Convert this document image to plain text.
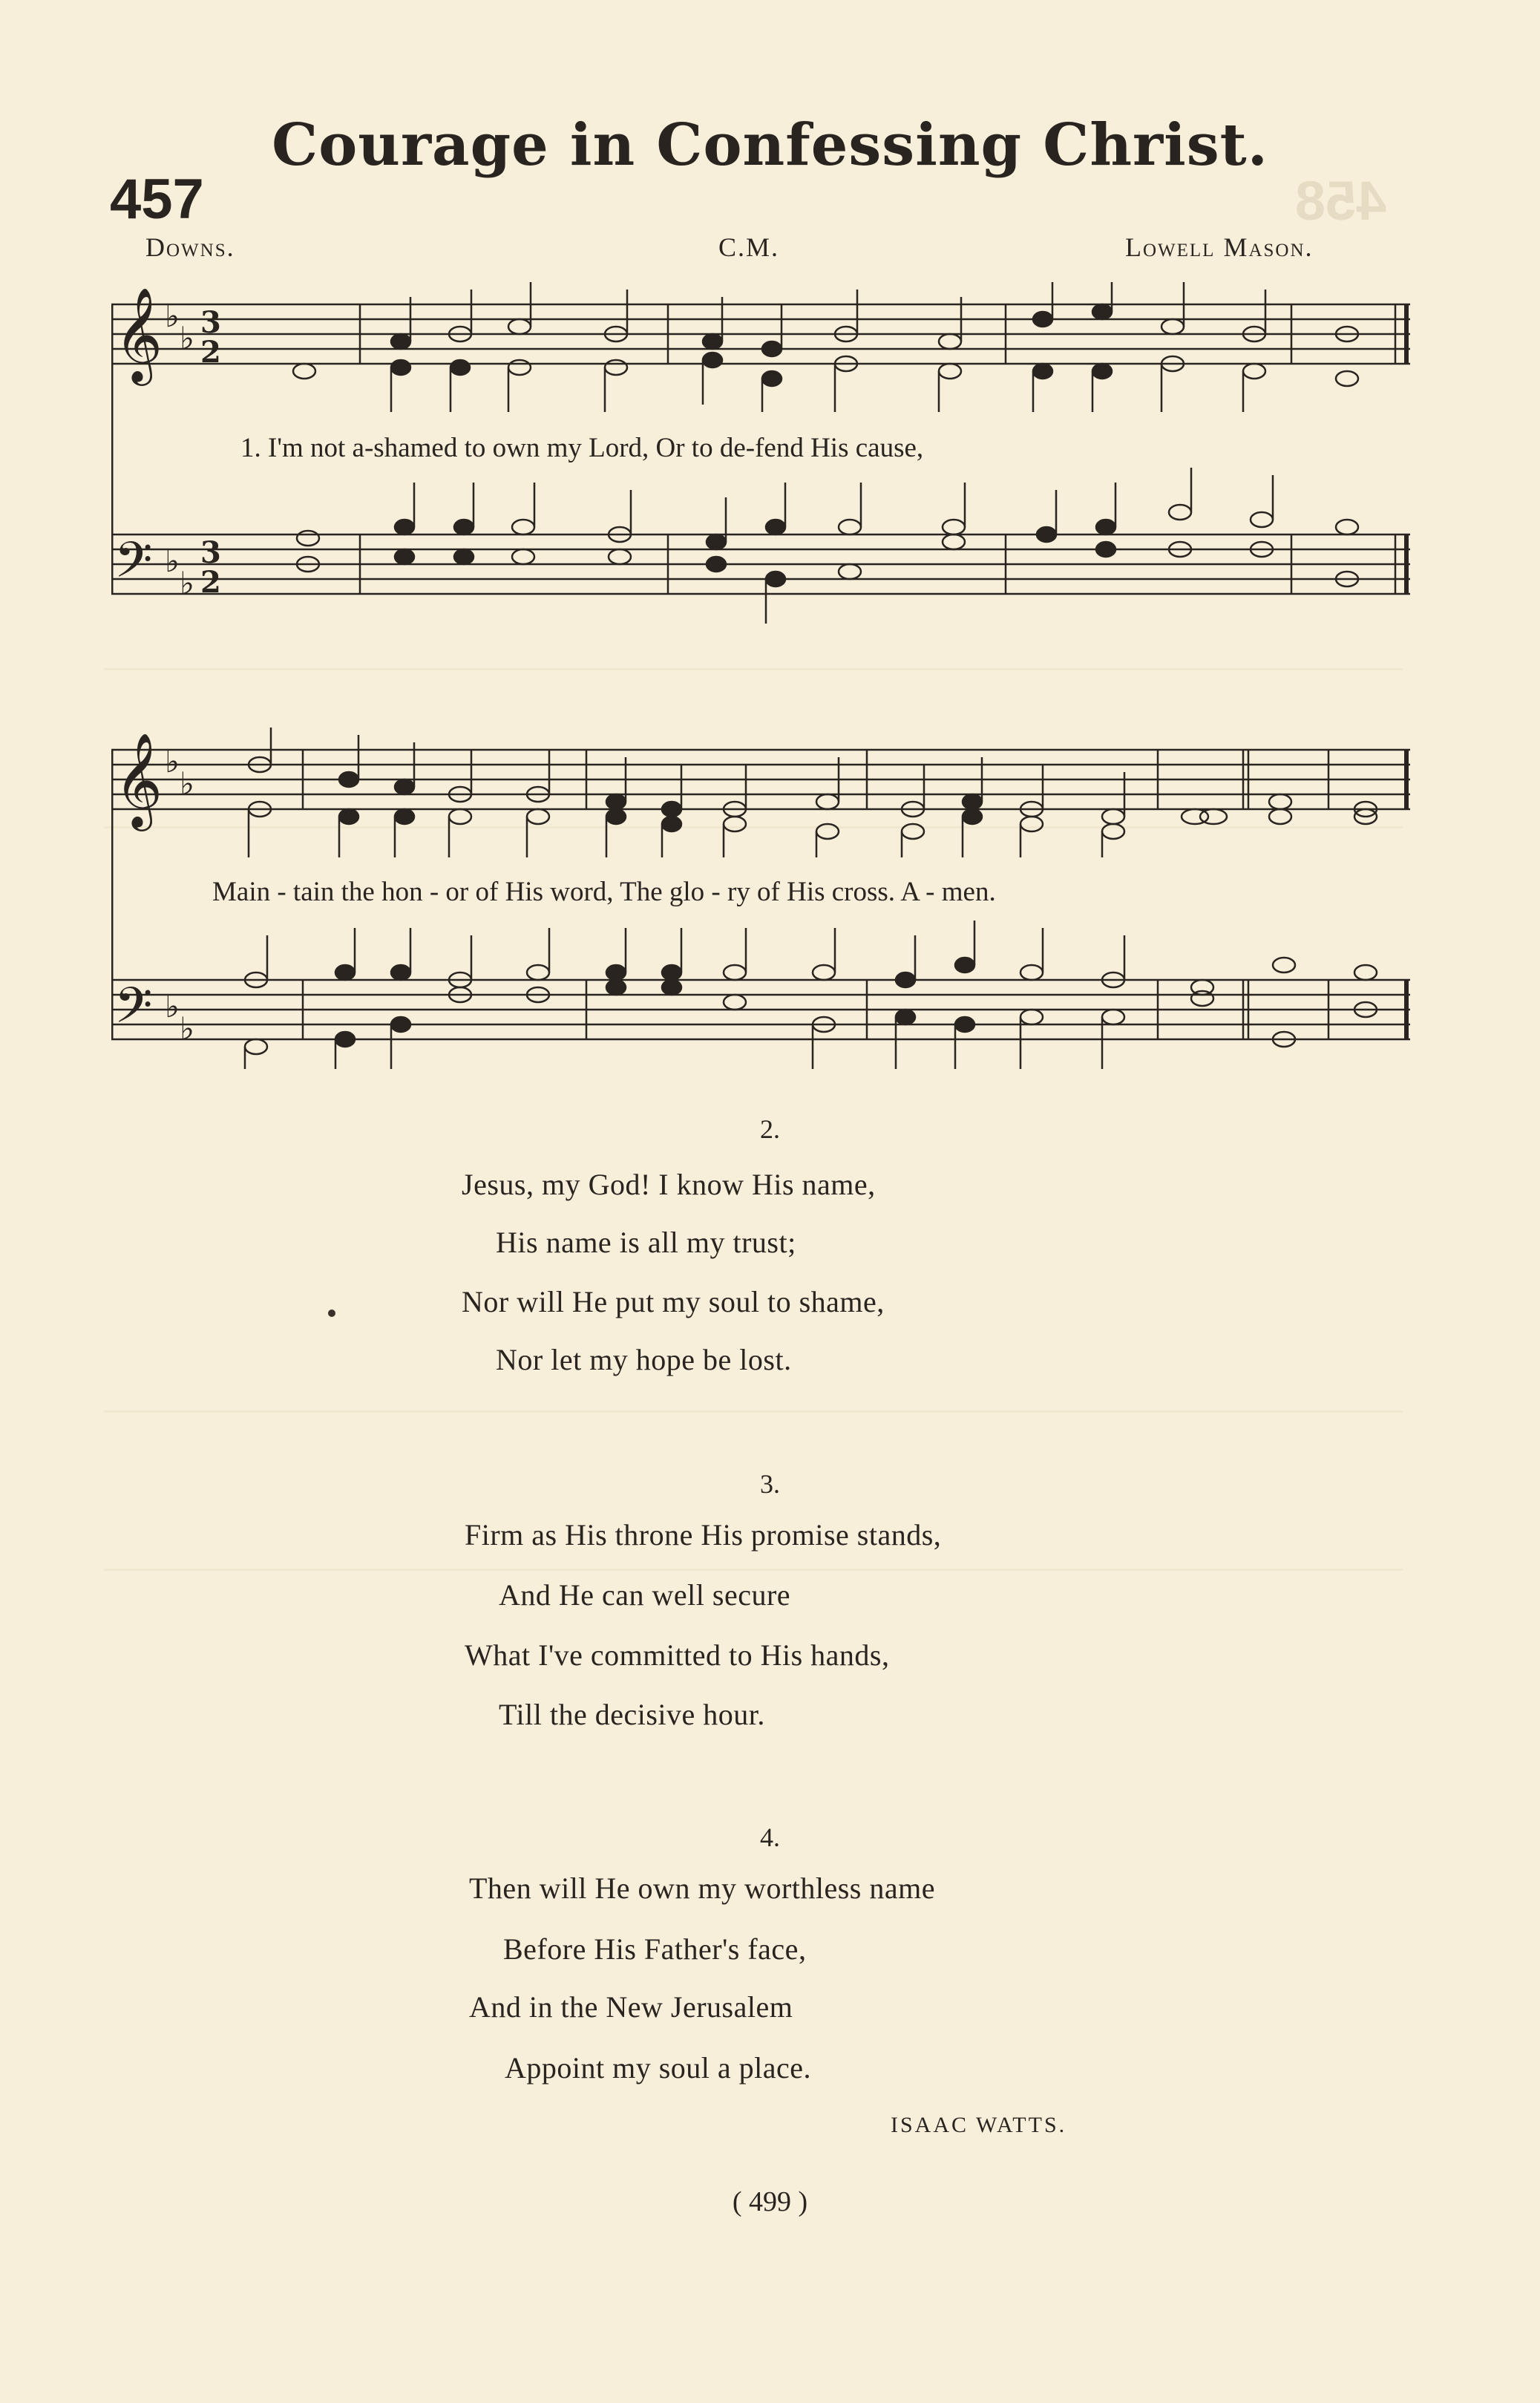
458
Courage in Confessing Christ.
457
Downs.	C.M.	Lowell Mason.
𝄞
𝄢
♭
♭
♭
♭
3
2
3
2
1. I'm not a-shamed to own my Lord, Or to de-fend His cause,
𝄞
𝄢
♭
♭
♭
♭
Main - tain the hon - or of His word, The glo - ry of His cross. A - men.
2.
Jesus, my God! I know His name,
His name is all my trust;
Nor will He put my soul to shame,
Nor let my hope be lost.
3.
Firm as His throne His promise stands,
And He can well secure
What I've committed to His hands,
Till the decisive hour.
4.
Then will He own my worthless name
Before His Father's face,
And in the New Jerusalem
Appoint my soul a place.
ISAAC WATTS.
( 499 )
